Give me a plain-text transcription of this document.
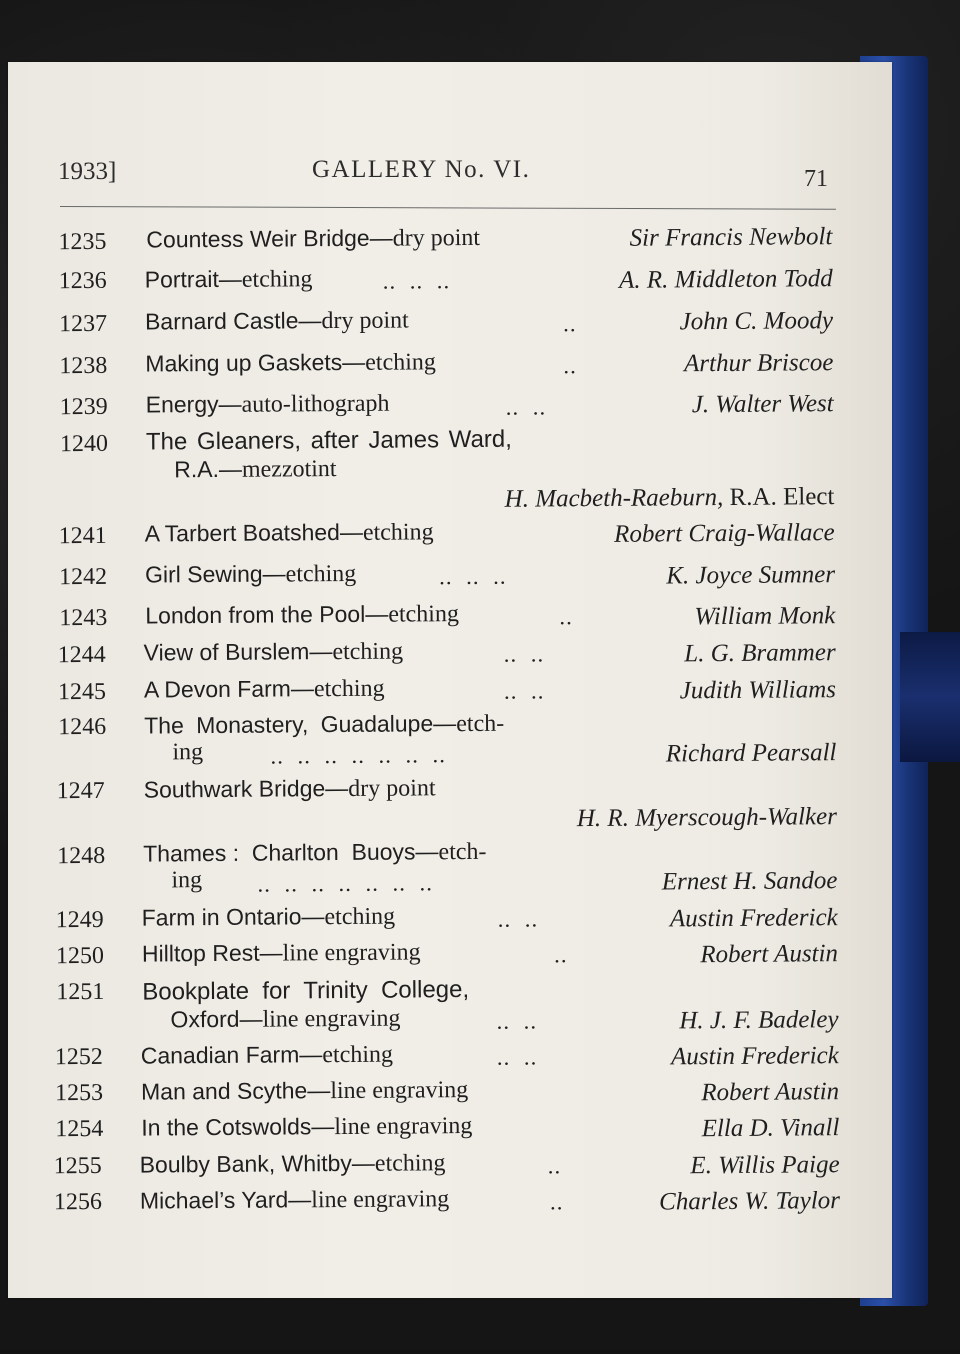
1933]	GALLERY No. VI.	71
1235 Countess Weir Bridge—dry point	Sir Francis Newbolt
1236 Portrait—etching	..  ..  ..	A. R. Middleton Todd
1237 Barnard Castle—dry point	..	John C. Moody
1238 Making up Gaskets—etching	..	Arthur Briscoe
1239 Energy—auto-lithograph	..  ..	J. Walter West
1240 The Gleaners, after James Ward,
R.A.—mezzotint
H. Macbeth-Raeburn, R.A. Elect
1241 A Tarbert Boatshed—etching	Robert Craig-Wallace
1242 Girl Sewing—etching	..  ..  ..	K. Joyce Sumner
1243 London from the Pool—etching	..	William Monk
1244 View of Burslem—etching	..  ..	L. G. Brammer
1245 A Devon Farm—etching	..  ..	Judith Williams
1246 The Monastery, Guadalupe—etch-
ing	..  ..  ..  ..  ..  ..  ..	Richard Pearsall
1247 Southwark Bridge—dry point
H. R. Myerscough-Walker
1248 Thames :  Charlton  Buoys—etch-
ing ..  ..  ..  ..  ..  ..  ..	Ernest H. Sandoe
1249 Farm in Ontario—etching	..  ..	Austin Frederick
1250 Hilltop Rest—line engraving	..	Robert Austin
1251 Bookplate  for  Trinity  College,
Oxford—line engraving	..  ..	H. J. F. Badeley
1252 Canadian Farm—etching	..  ..	Austin Frederick
1253 Man and Scythe—line engraving	Robert Austin
1254 In the Cotswolds—line engraving	Ella D. Vinall
1255 Boulby Bank, Whitby—etching	..	E. Willis Paige
1256 Michael’s Yard—line engraving	..	Charles W. Taylor
